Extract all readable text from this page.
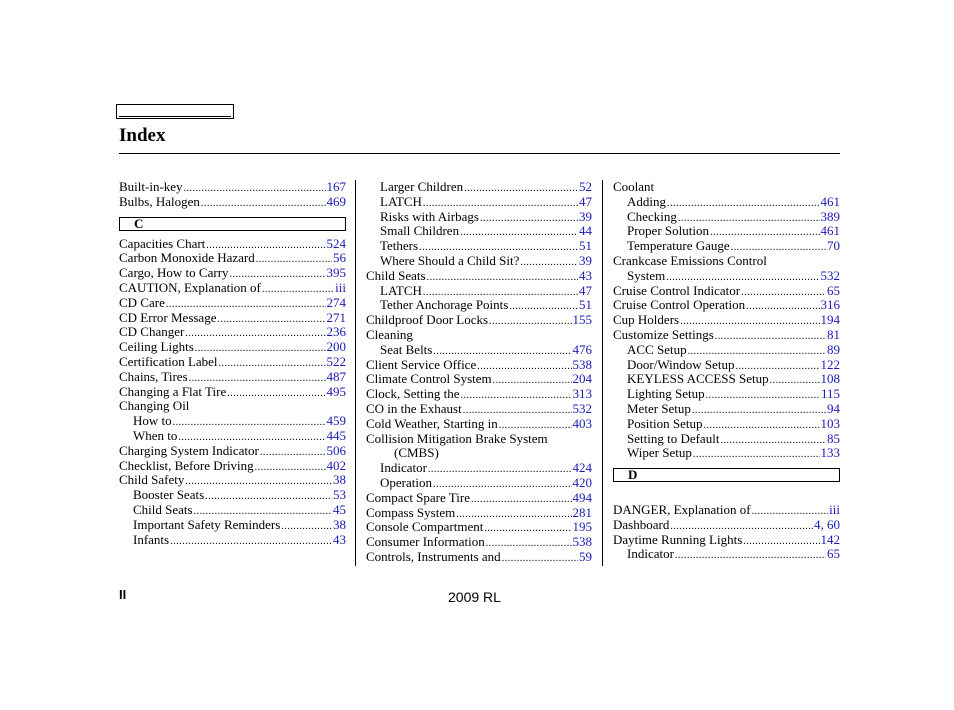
Index
Built-in-key .....	167
Bulbs, Halogen .....	469
C
Capacities Chart .....	524
Carbon Monoxide Hazard .....	56
Cargo, How to Carry .....	395
CAUTION, Explanation of .....	iii
CD Care .....	274
CD Error Message .....	271
CD Changer .....	236
Ceiling Lights .....	200
Certification Label .....	522
Chains, Tires .....	487
Changing a Flat Tire .....	495
Changing Oil
How to .....	459
When to .....	445
Charging System Indicator .....	506
Checklist, Before Driving .....	402
Child Safety .....	38
Booster Seats .....	53
Child Seats .....	45
Important Safety Reminders .....	38
Infants .....	43
Larger Children .....	52
LATCH .....	47
Risks with Airbags .....	39
Small Children .....	44
Tethers .....	51
Where Should a Child Sit? .....	39
Child Seats .....	43
LATCH .....	47
Tether Anchorage Points .....	51
Childproof Door Locks .....	155
Cleaning
Seat Belts .....	476
Client Service Office .....	538
Climate Control System .....	204
Clock, Setting the .....	313
CO in the Exhaust .....	532
Cold Weather, Starting in .....	403
Collision Mitigation Brake System
(CMBS)
Indicator .....	424
Operation .....	420
Compact Spare Tire .....	494
Compass System .....	281
Console Compartment .....	195
Consumer Information .....	538
Controls, Instruments and .....	59
Coolant
Adding .....	461
Checking .....	389
Proper Solution .....	461
Temperature Gauge .....	70
Crankcase Emissions Control
System .....	532
Cruise Control Indicator .....	65
Cruise Control Operation .....	316
Cup Holders .....	194
Customize Settings .....	81
ACC Setup .....	89
Door/Window Setup .....	122
KEYLESS ACCESS Setup .....	108
Lighting Setup .....	115
Meter Setup .....	94
Position Setup .....	103
Setting to Default .....	85
Wiper Setup .....	133
D
DANGER, Explanation of .....	iii
Dashboard .....	4, 60
Daytime Running Lights .....	142
Indicator .....	65
II	2009 RL
